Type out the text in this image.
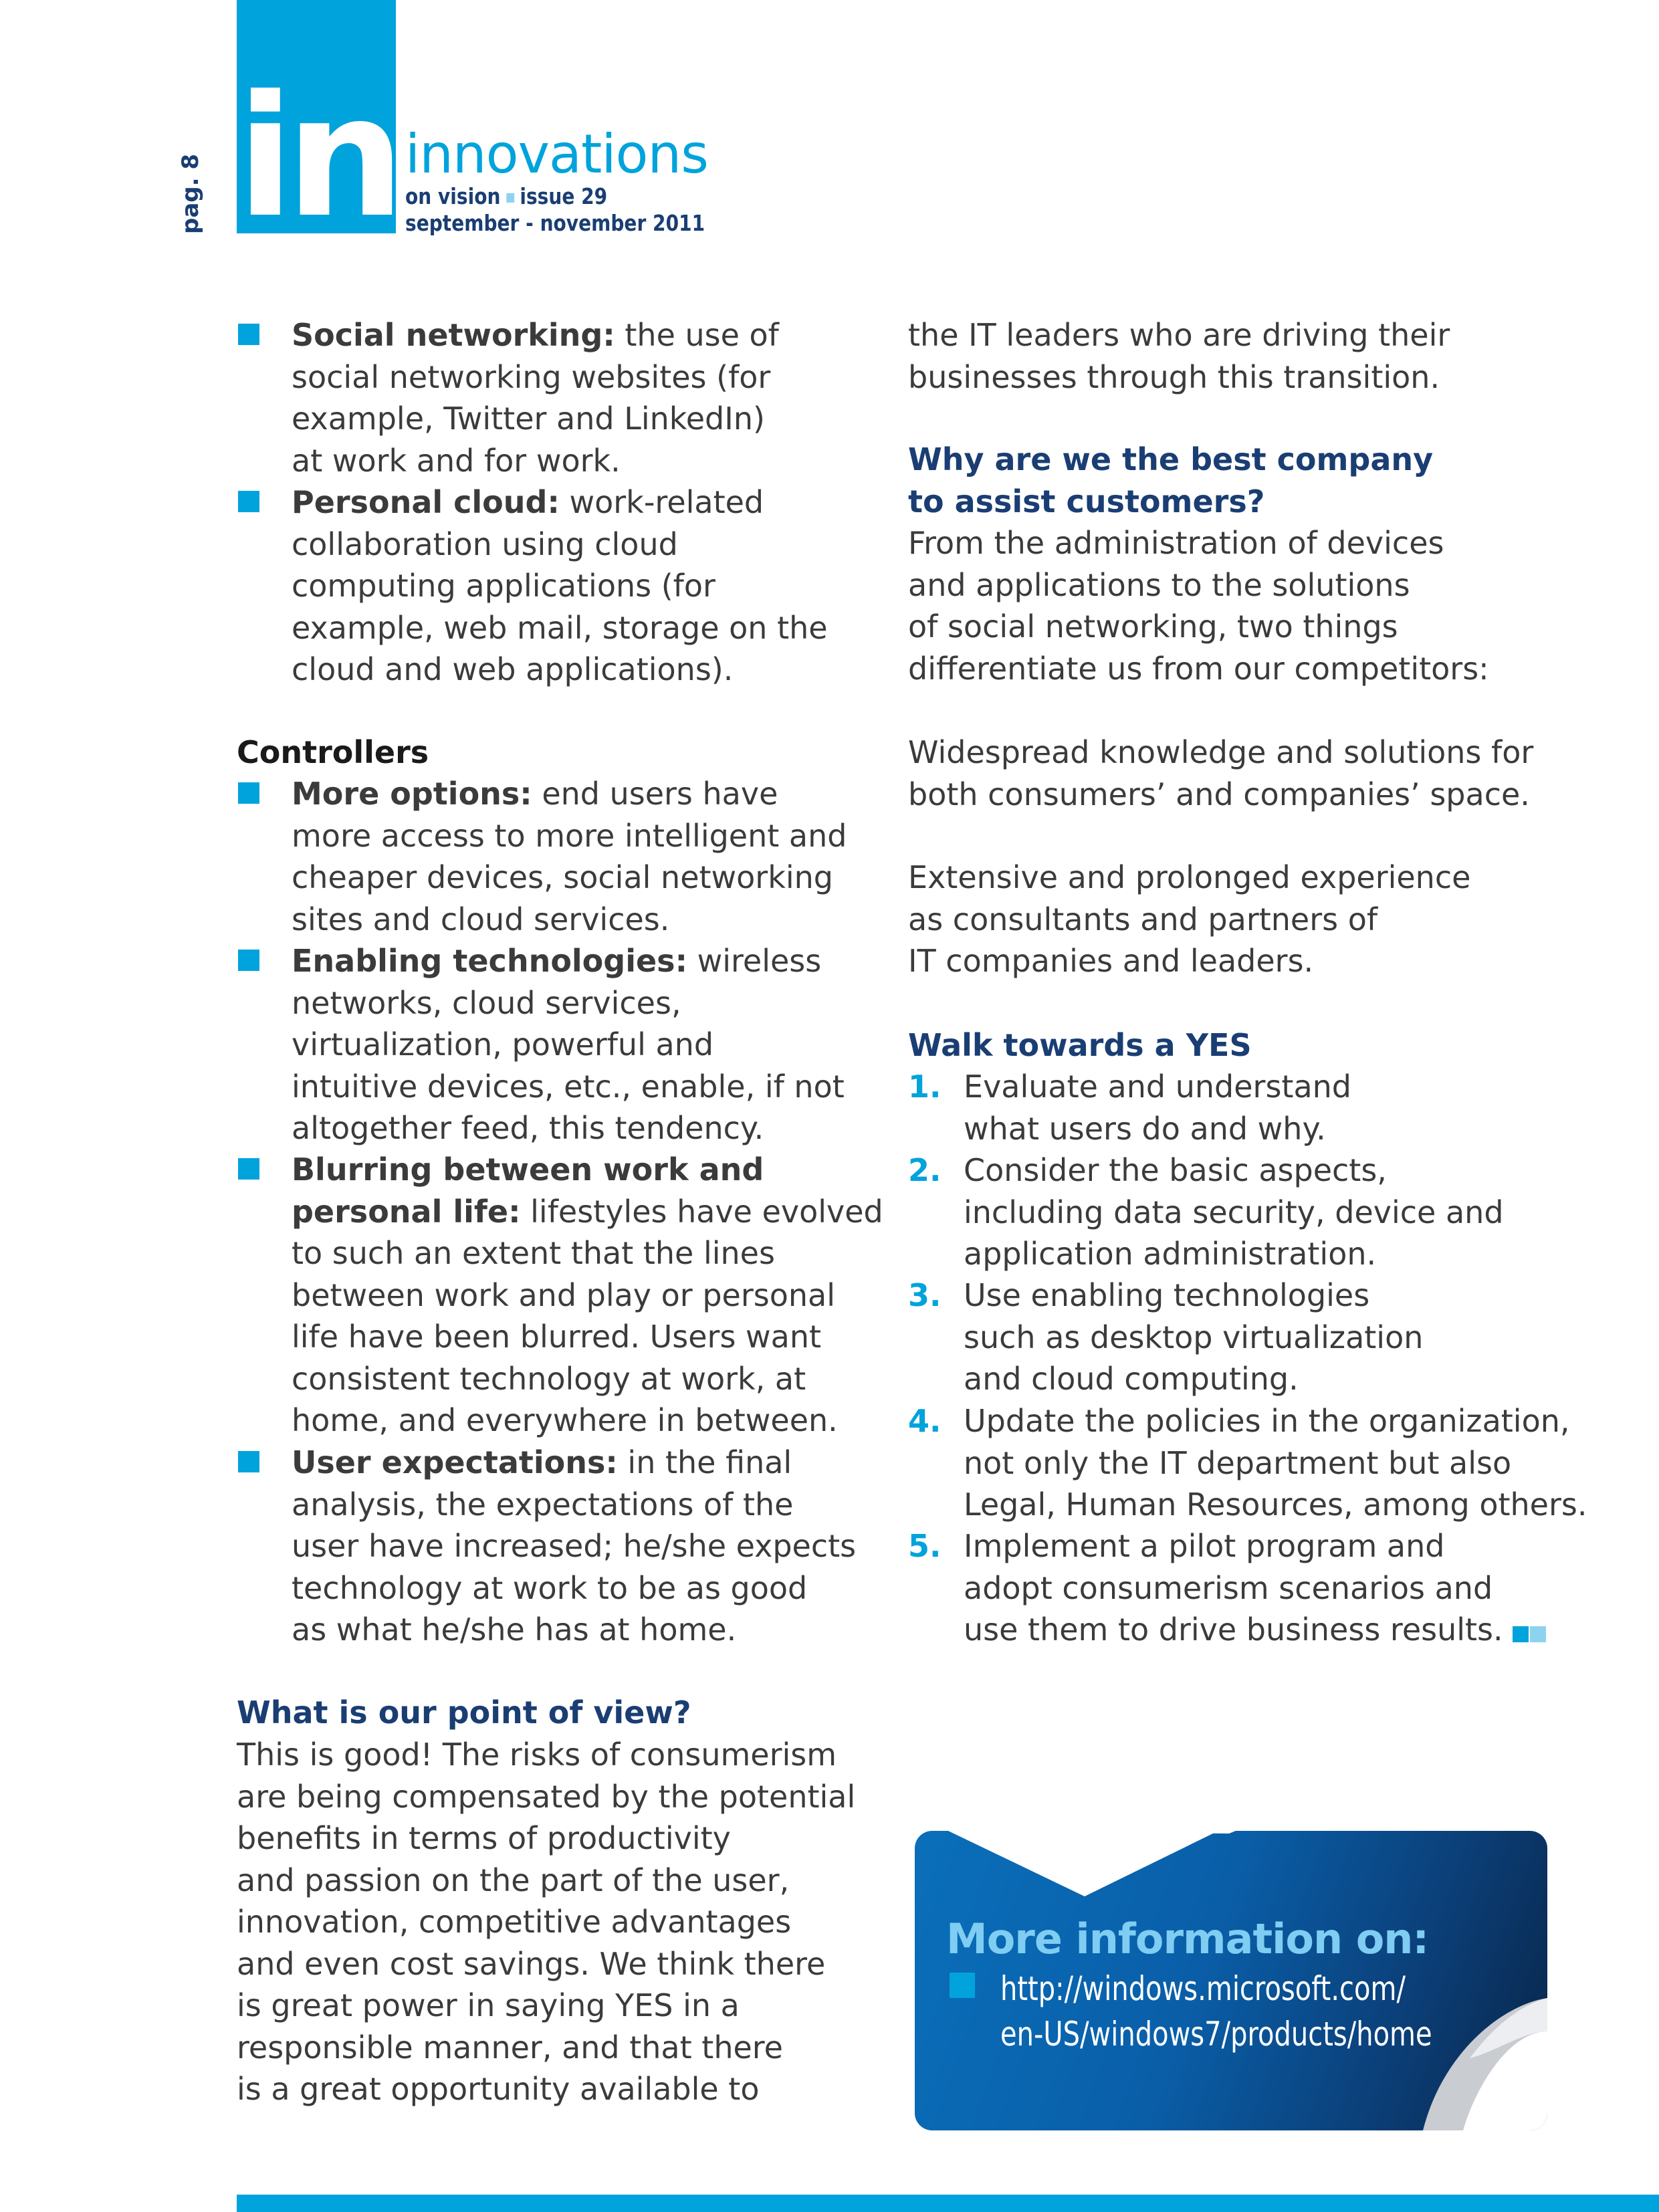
in
pag. 8	innovations
on vision issue 29
september - november 2011
Social networking: the use of
social networking websites (for
example, Twitter and LinkedIn)
at work and for work.
Personal cloud: work-related
collaboration using cloud
computing applications (for
example, web mail, storage on the
cloud and web applications).
Controllers
More options: end users have
more access to more intelligent and
cheaper devices, social networking
sites and cloud services.
Enabling technologies: wireless
networks, cloud services,
virtualization, powerful and
intuitive devices, etc., enable, if not
altogether feed, this tendency.
Blurring between work and
personal life: lifestyles have evolved
to such an extent that the lines
between work and play or personal
life have been blurred. Users want
consistent technology at work, at
home, and everywhere in between.
User expectations: in the final
analysis, the expectations of the
user have increased; he/she expects
technology at work to be as good
as what he/she has at home.
What is our point of view?
This is good! The risks of consumerism
are being compensated by the potential
benefits in terms of productivity
and passion on the part of the user,
innovation, competitive advantages
and even cost savings. We think there
is great power in saying YES in a
responsible manner, and that there
is a great opportunity available to
the IT leaders who are driving their
businesses through this transition.
Why are we the best company
to assist customers?
From the administration of devices
and applications to the solutions
of social networking, two things
differentiate us from our competitors:
Widespread knowledge and solutions for
both consumers’ and companies’ space.
Extensive and prolonged experience
as consultants and partners of
IT companies and leaders.
Walk towards a YES
1. Evaluate and understand
what users do and why.
2. Consider the basic aspects,
including data security, device and
application administration.
3. Use enabling technologies
such as desktop virtualization
and cloud computing.
4. Update the policies in the organization,
not only the IT department but also
Legal, Human Resources, among others.
5. Implement a pilot program and
adopt consumerism scenarios and
use them to drive business results.
More information on:
http://windows.microsoft.com/
en-US/windows7/products/home
